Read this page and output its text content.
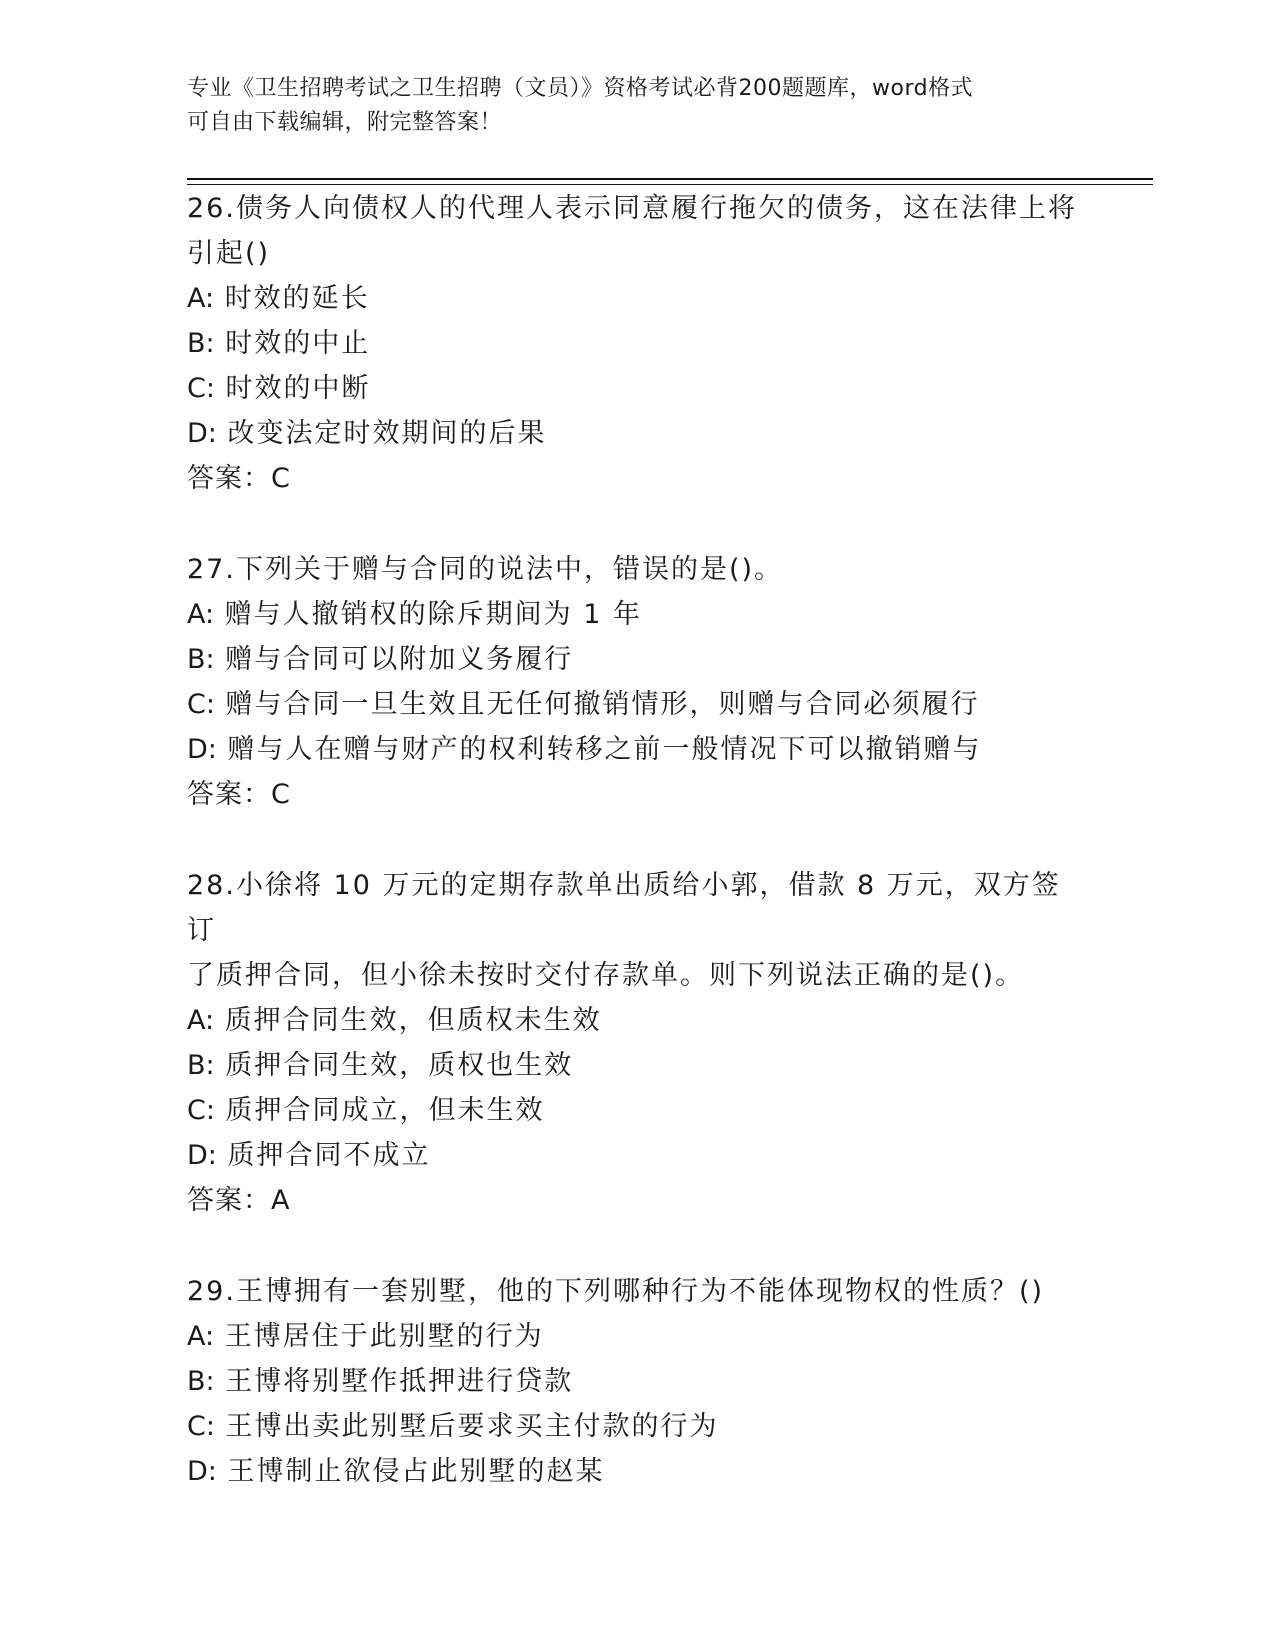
专业《卫生招聘考试之卫生招聘（文员）》资格考试必背200题题库，word格式
可自由下载编辑，附完整答案！
26.债务人向债权人的代理人表示同意履行拖欠的债务，这在法律上将
引起()
A: 时效的延长
B: 时效的中止
C: 时效的中断
D: 改变法定时效期间的后果
答案：C
27.下列关于赠与合同的说法中，错误的是()。
A: 赠与人撤销权的除斥期间为 1 年
B: 赠与合同可以附加义务履行
C: 赠与合同一旦生效且无任何撤销情形，则赠与合同必须履行
D: 赠与人在赠与财产的权利转移之前一般情况下可以撤销赠与
答案：C
28.小徐将 10 万元的定期存款单出质给小郭，借款 8 万元，双方签订
了质押合同，但小徐未按时交付存款单。则下列说法正确的是()。
A: 质押合同生效，但质权未生效
B: 质押合同生效，质权也生效
C: 质押合同成立，但未生效
D: 质押合同不成立
答案：A
29.王博拥有一套别墅，他的下列哪种行为不能体现物权的性质？()
A: 王博居住于此别墅的行为
B: 王博将别墅作抵押进行贷款
C: 王博出卖此别墅后要求买主付款的行为
D: 王博制止欲侵占此别墅的赵某
